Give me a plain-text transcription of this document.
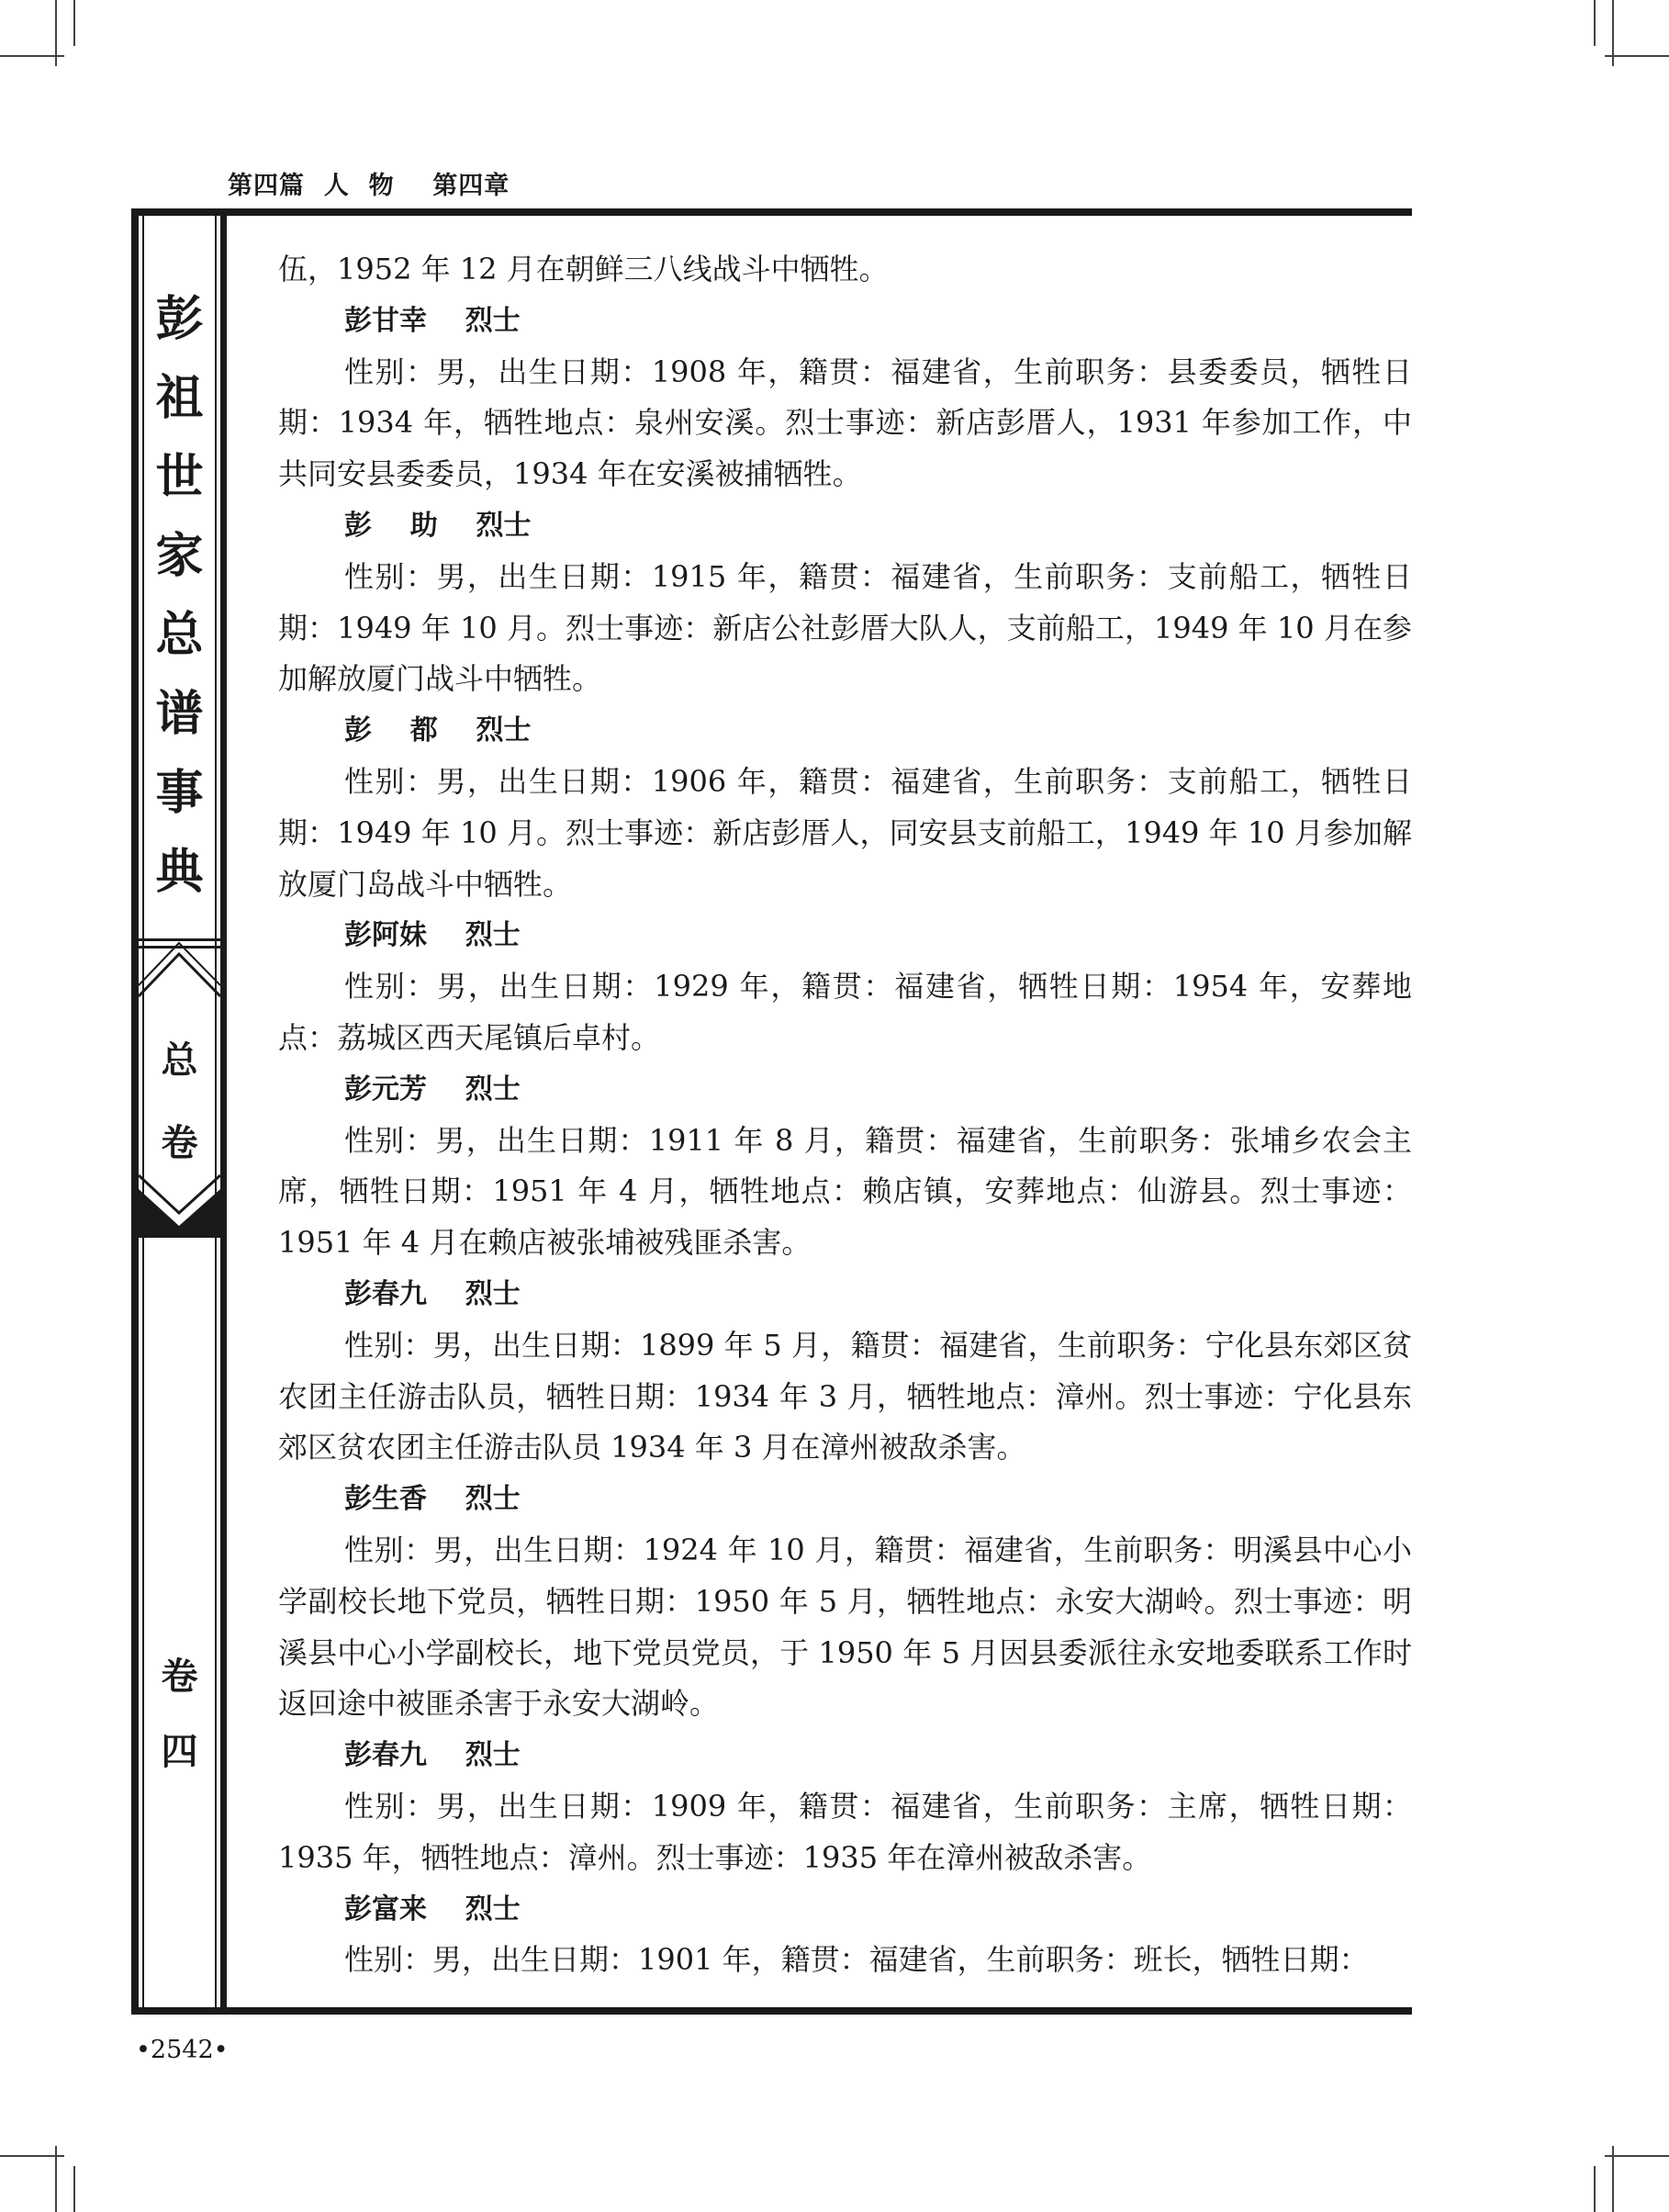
第四篇  人  物    第四章
彭
祖
世
家
总
谱
事
典
总
卷
卷
四

伍，1952 年 12 月在朝鲜三八线战斗中牺牲。

彭甘幸    烈士

性别：男，出生日期：1908 年，籍贯：福建省，生前职务：县委委员，牺牲日期：1934 年，牺牲地点：泉州安溪。烈士事迹：新店彭厝人，1931 年参加工作，中共同安县委委员，1934 年在安溪被捕牺牲。

彭    助    烈士

性别：男，出生日期：1915 年，籍贯：福建省，生前职务：支前船工，牺牲日期：1949 年 10 月。烈士事迹：新店公社彭厝大队人，支前船工，1949 年 10 月在参加解放厦门战斗中牺牲。

彭    都    烈士

性别：男，出生日期：1906 年，籍贯：福建省，生前职务：支前船工，牺牲日期：1949 年 10 月。烈士事迹：新店彭厝人，同安县支前船工，1949 年 10 月参加解放厦门岛战斗中牺牲。

彭阿妹    烈士

性别：男，出生日期：1929 年，籍贯：福建省，牺牲日期：1954 年，安葬地点：荔城区西天尾镇后卓村。

彭元芳    烈士

性别：男，出生日期：1911 年 8 月，籍贯：福建省，生前职务：张埔乡农会主席，牺牲日期：1951 年 4 月，牺牲地点：赖店镇，安葬地点：仙游县。烈士事迹：1951 年 4 月在赖店被张埔被残匪杀害。

彭春九    烈士

性别：男，出生日期：1899 年 5 月，籍贯：福建省，生前职务：宁化县东郊区贫农团主任游击队员，牺牲日期：1934 年 3 月，牺牲地点：漳州。烈士事迹：宁化县东郊区贫农团主任游击队员 1934 年 3 月在漳州被敌杀害。

彭生香    烈士

性别：男，出生日期：1924 年 10 月，籍贯：福建省，生前职务：明溪县中心小学副校长地下党员，牺牲日期：1950 年 5 月，牺牲地点：永安大湖岭。烈士事迹：明溪县中心小学副校长，地下党员党员，于 1950 年 5 月因县委派往永安地委联系工作时返回途中被匪杀害于永安大湖岭。

彭春九    烈士

性别：男，出生日期：1909 年，籍贯：福建省，生前职务：主席，牺牲日期：1935 年，牺牲地点：漳州。烈士事迹：1935 年在漳州被敌杀害。

彭富来    烈士

性别：男，出生日期：1901 年，籍贯：福建省，生前职务：班长，牺牲日期：

•2542•
